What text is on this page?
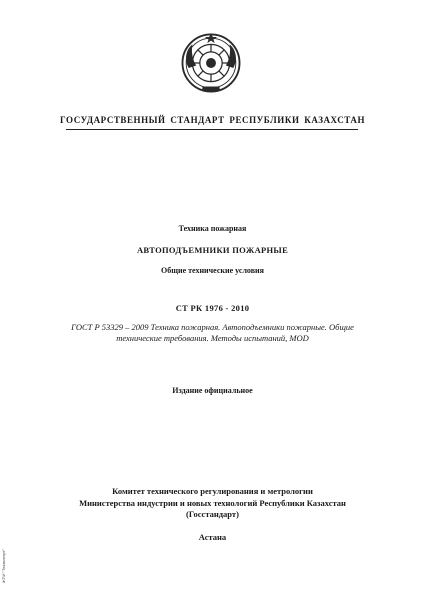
ГОСУДАРСТВЕННЫЙ СТАНДАРТ РЕСПУБЛИКИ КАЗАХСТАН
Техника пожарная
АВТОПОДЪЕМНИКИ ПОЖАРНЫЕ
Общие технические условия
СТ РК 1976 - 2010
ГОСТ Р 53329 – 2009 Техника пожарная. Автоподъемники пожарные. Общие
технические требования. Методы испытаний, MOD
Издание официальное
Комитет технического регулирования и метрологии
Министерства индустрии и новых технологий Республики Казахстан
(Госстандарт)
Астана
ЖПИ "Техэксперт"
